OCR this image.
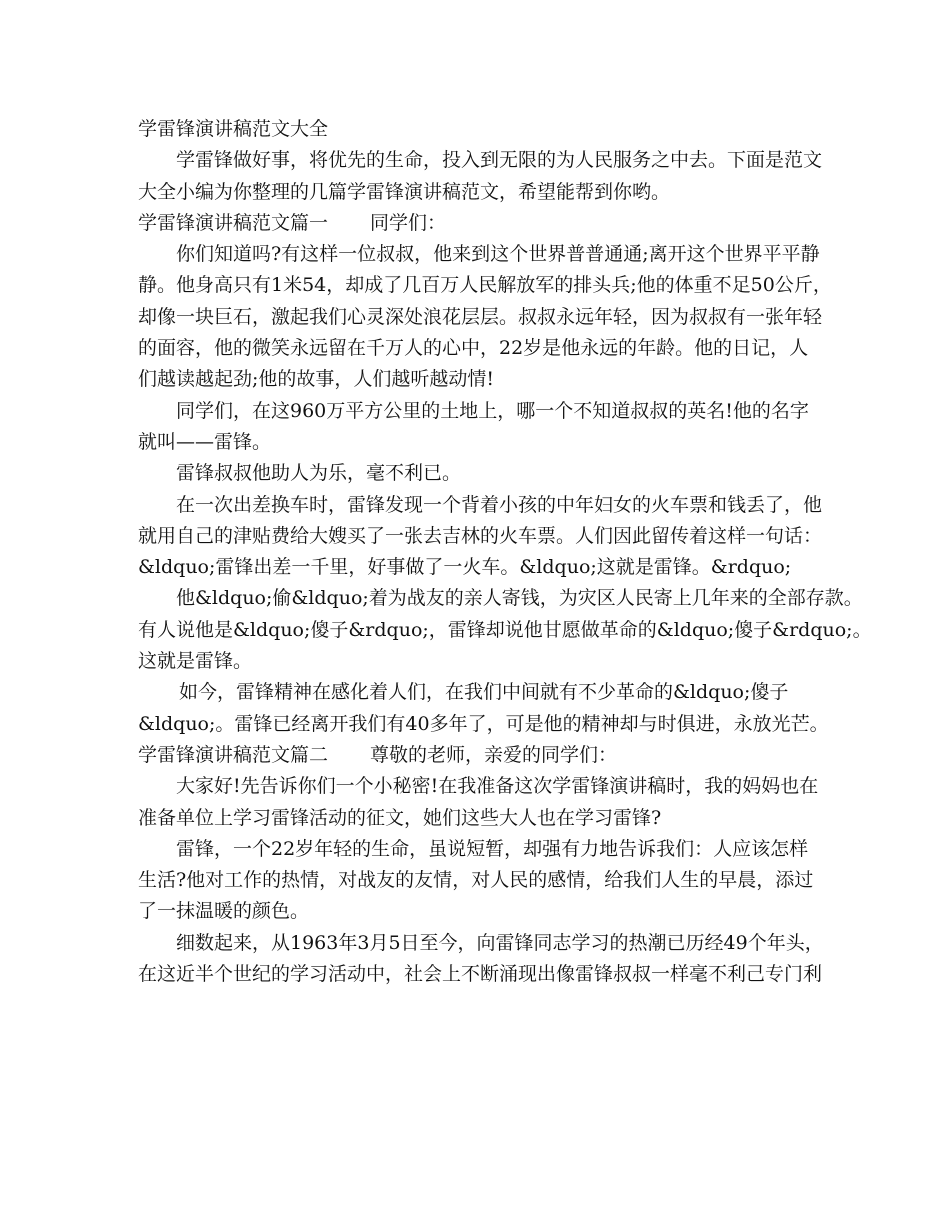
学雷锋演讲稿范文大全
学雷锋做好事，将优先的生命，投入到无限的为人民服务之中去。下面是范文
大全小编为你整理的几篇学雷锋演讲稿范文，希望能帮到你哟。
学雷锋演讲稿范文篇一 同学们：
你们知道吗?有这样一位叔叔，他来到这个世界普普通通;离开这个世界平平静
静。他身高只有1米54，却成了几百万人民解放军的排头兵;他的体重不足50公斤，
却像一块巨石，激起我们心灵深处浪花层层。叔叔永远年轻，因为叔叔有一张年轻
的面容，他的微笑永远留在千万人的心中，22岁是他永远的年龄。他的日记，人
们越读越起劲;他的故事，人们越听越动情!
同学们，在这960万平方公里的土地上，哪一个不知道叔叔的英名!他的名字
就叫——雷锋。
雷锋叔叔他助人为乐，毫不利已。
在一次出差换车时，雷锋发现一个背着小孩的中年妇女的火车票和钱丢了，他
就用自己的津贴费给大嫂买了一张去吉林的火车票。人们因此留传着这样一句话：
&ldquo;雷锋出差一千里，好事做了一火车。&ldquo;这就是雷锋。&rdquo;
他&ldquo;偷&ldquo;着为战友的亲人寄钱，为灾区人民寄上几年来的全部存款。
有人说他是&ldquo;傻子&rdquo;，雷锋却说他甘愿做革命的&ldquo;傻子&rdquo;。
这就是雷锋。
如今，雷锋精神在感化着人们，在我们中间就有不少革命的&ldquo;傻子
&ldquo;。雷锋已经离开我们有40多年了，可是他的精神却与时俱进，永放光芒。
学雷锋演讲稿范文篇二 尊敬的老师，亲爱的同学们：
大家好!先告诉你们一个小秘密!在我准备这次学雷锋演讲稿时，我的妈妈也在
准备单位上学习雷锋活动的征文，她们这些大人也在学习雷锋?
雷锋，一个22岁年轻的生命，虽说短暂，却强有力地告诉我们：人应该怎样
生活?他对工作的热情，对战友的友情，对人民的感情，给我们人生的早晨，添过
了一抹温暖的颜色。
细数起来，从1963年3月5日至今，向雷锋同志学习的热潮已历经49个年头，
在这近半个世纪的学习活动中，社会上不断涌现出像雷锋叔叔一样毫不利己专门利
